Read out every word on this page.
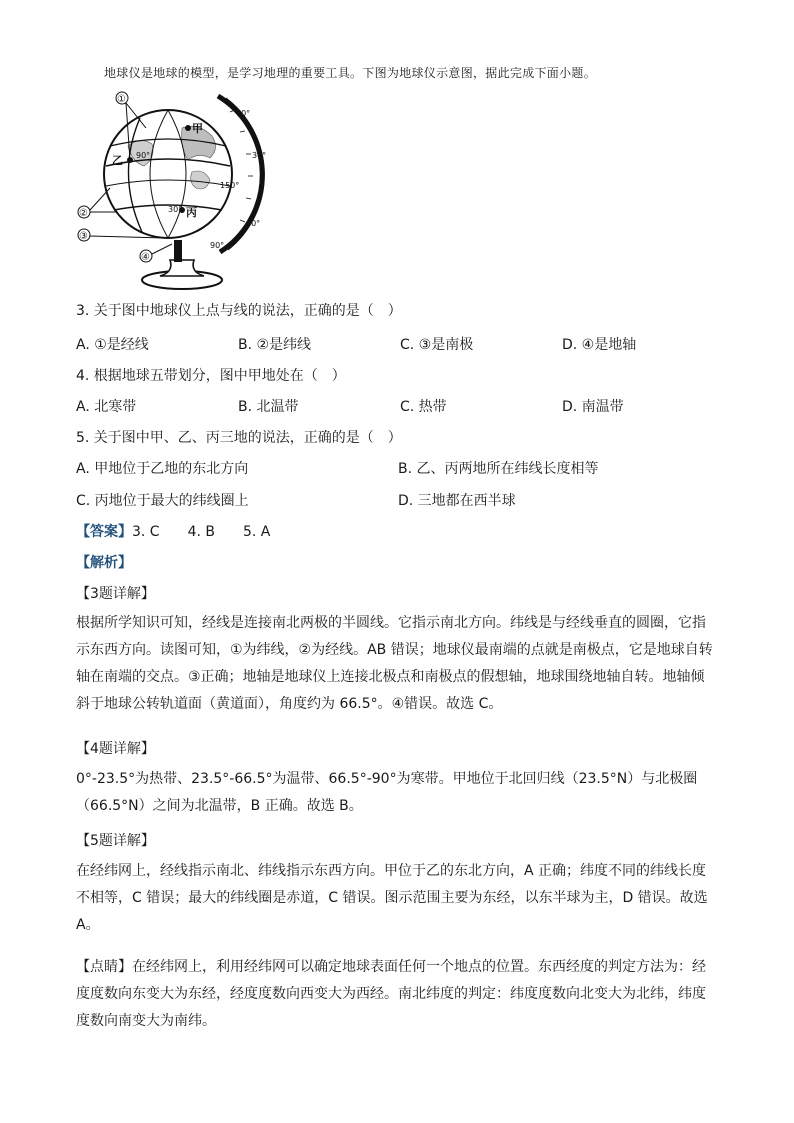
地球仪是地球的模型，是学习地理的重要工具。下图为地球仪示意图，据此完成下面小题。
①
②
③
④
甲
乙
丙
90°
30°
150°
60°
30°
60°
90°
3. 关于图中地球仪上点与线的说法，正确的是（　）
A. ①是经线	B. ②是纬线	C. ③是南极	D. ④是地轴
4. 根据地球五带划分，图中甲地处在（　）
A. 北寒带	B. 北温带	C. 热带	D. 南温带
5. 关于图中甲、乙、丙三地的说法，正确的是（　）
A. 甲地位于乙地的东北方向	B. 乙、丙两地所在纬线长度相等
C. 丙地位于最大的纬线圈上	D. 三地都在西半球
【答案】3. C　　4. B　　5. A
【解析】
【3题详解】
根据所学知识可知，经线是连接南北两极的半圆线。它指示南北方向。纬线是与经线垂直的圆圈，它指示东西方向。读图可知，①为纬线，②为经线。AB 错误；地球仪最南端的点就是南极点，它是地球自转轴在南端的交点。③正确；地轴是地球仪上连接北极点和南极点的假想轴，地球围绕地轴自转。地轴倾斜于地球公转轨道面（黄道面），角度约为 66.5°。④错误。故选 C。
【4题详解】
0°-23.5°为热带、23.5°-66.5°为温带、66.5°-90°为寒带。甲地位于北回归线（23.5°N）与北极圈（66.5°N）之间为北温带，B 正确。故选 B。
【5题详解】
在经纬网上，经线指示南北、纬线指示东西方向。甲位于乙的东北方向，A 正确；纬度不同的纬线长度不相等，C 错误；最大的纬线圈是赤道，C 错误。图示范围主要为东经，以东半球为主，D 错误。故选A。
【点睛】在经纬网上，利用经纬网可以确定地球表面任何一个地点的位置。东西经度的判定方法为：经度度数向东变大为东经，经度度数向西变大为西经。南北纬度的判定：纬度度数向北变大为北纬，纬度度数向南变大为南纬。
